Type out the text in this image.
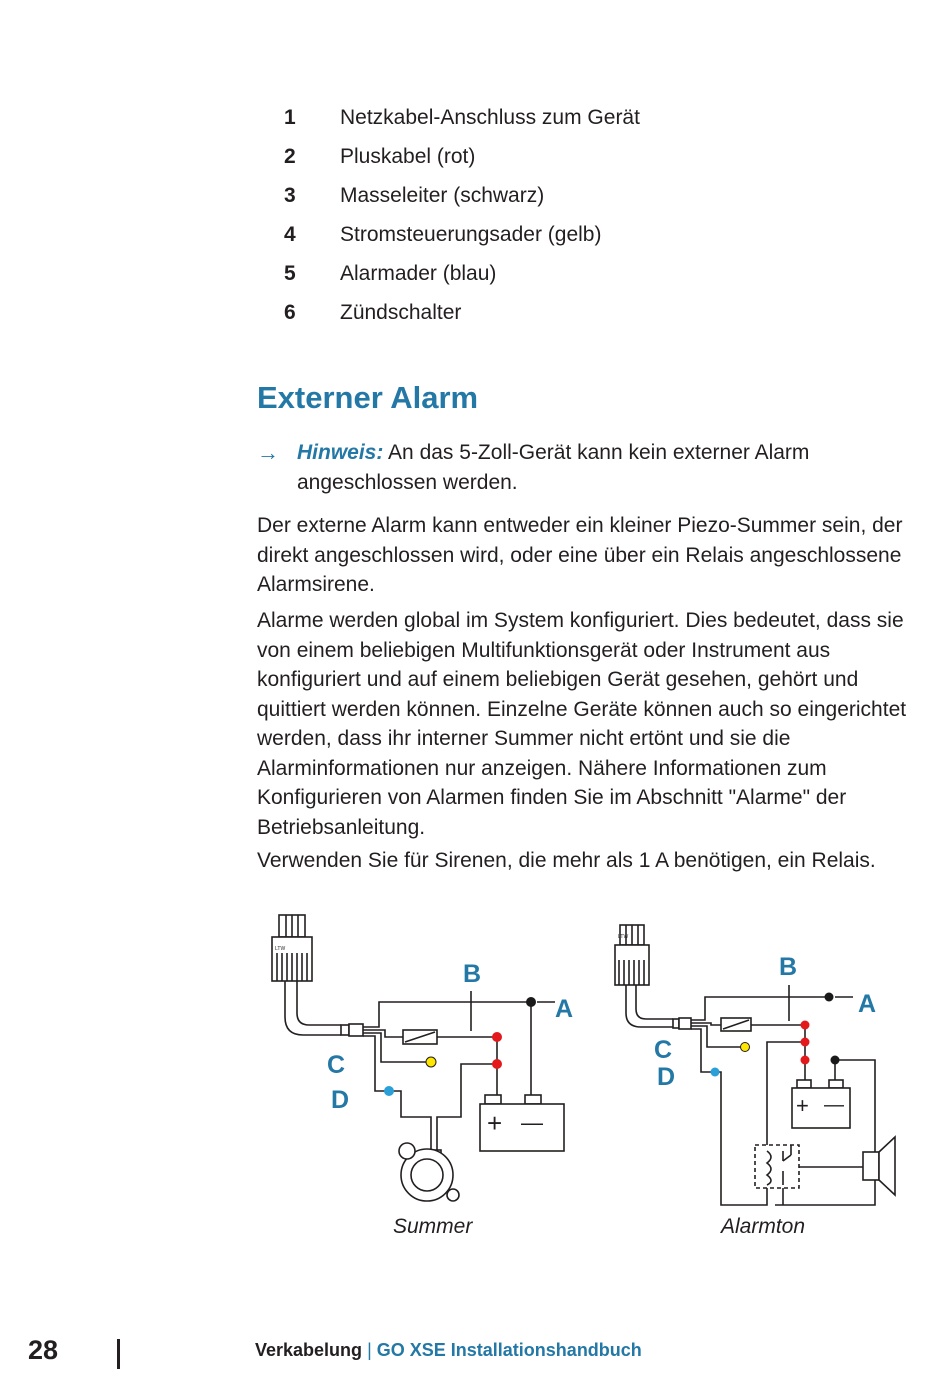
1	Netzkabel-Anschluss zum Gerät
2	Pluskabel (rot)
3	Masseleiter (schwarz)
4	Stromsteuerungsader (gelb)
5	Alarmader (blau)
6	Zündschalter
Externer Alarm
→ Hinweis: An das 5-Zoll-Gerät kann kein externer Alarm angeschlossen werden.

Der externe Alarm kann entweder ein kleiner Piezo-Summer sein, der direkt angeschlossen wird, oder eine über ein Relais angeschlossene Alarmsirene.

Alarme werden global im System konfiguriert. Dies bedeutet, dass sie von einem beliebigen Multifunktionsgerät oder Instrument aus konfiguriert und auf einem beliebigen Gerät gesehen, gehört und quittiert werden können. Einzelne Geräte können auch so eingerichtet werden, dass ihr interner Summer nicht ertönt und sie die Alarminformationen nur anzeigen. Nähere Informationen zum Konfigurieren von Alarmen finden Sie im Abschnitt "Alarme" der Betriebsanleitung.

Verwenden Sie für Sirenen, die mehr als 1 A benötigen, ein Relais.

LTW
+ —
B
A
C
D
Summer
LTW
+ —
B
A
C
D
Alarmton
28	Verkabelung | GO XSE Installationshandbuch
